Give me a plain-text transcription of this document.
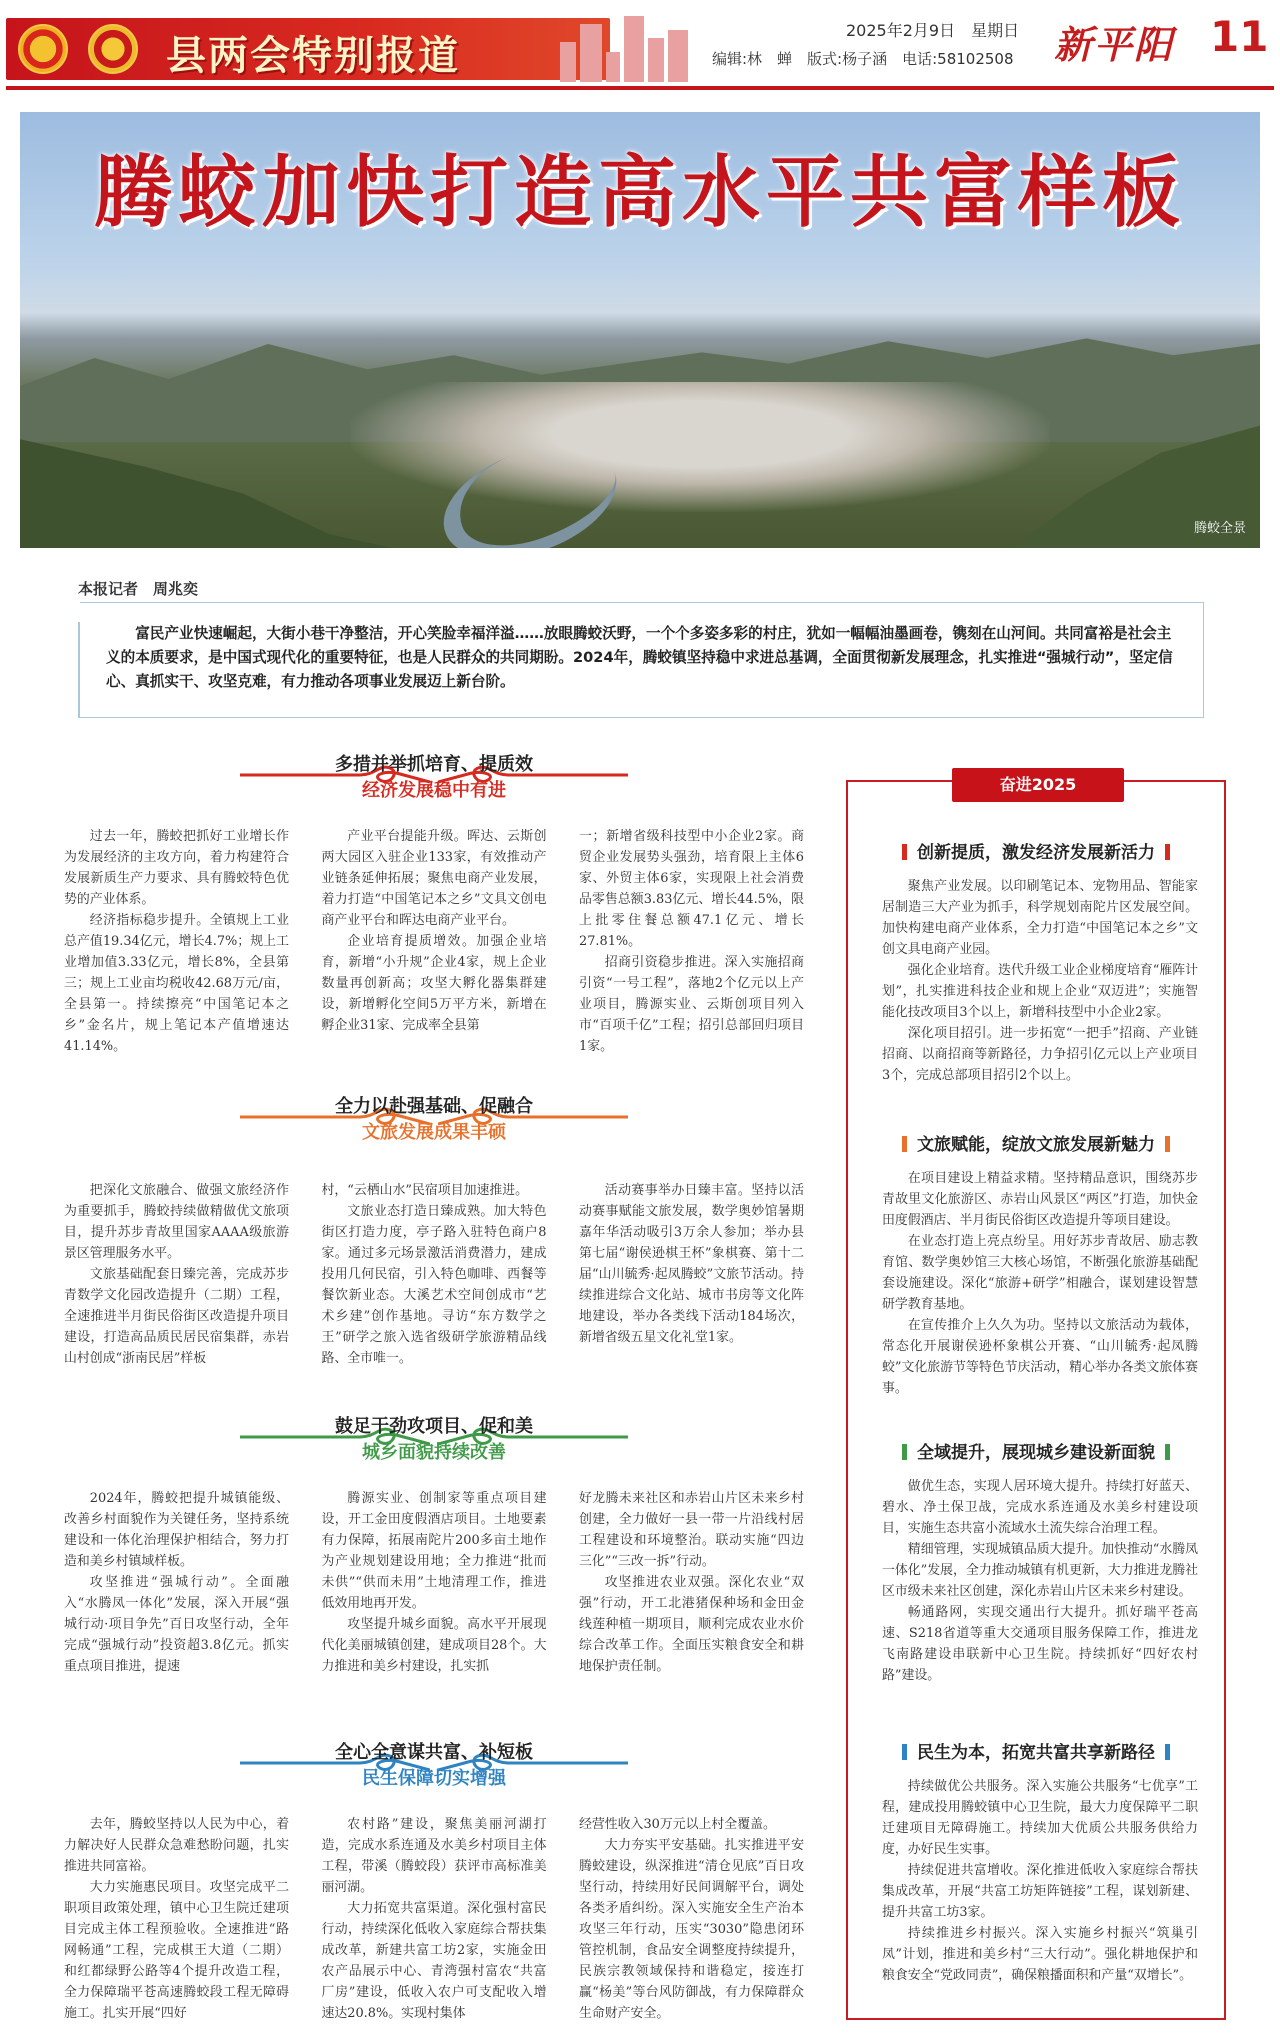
县两会特别报道
2025年2月9日　星期日
编辑:林　蝉　版式:杨子涵　电话:58102508 新平阳 11
腾蛟加快打造高水平共富样板
腾蛟全景
本报记者　周兆奕
富民产业快速崛起，大街小巷干净整洁，开心笑脸幸福洋溢……放眼腾蛟沃野，一个个多姿多彩的村庄，犹如一幅幅油墨画卷，镌刻在山河间。共同富裕是社会主义的本质要求，是中国式现代化的重要特征，也是人民群众的共同期盼。2024年，腾蛟镇坚持稳中求进总基调，全面贯彻新发展理念，扎实推进“强城行动”，坚定信心、真抓实干、攻坚克难，有力推动各项事业发展迈上新台阶。
多措并举抓培育、提质效
经济发展稳中有进

过去一年，腾蛟把抓好工业增长作为发展经济的主攻方向，着力构建符合发展新质生产力要求、具有腾蛟特色优势的产业体系。

经济指标稳步提升。全镇规上工业总产值19.34亿元，增长4.7%；规上工业增加值3.33亿元，增长8%，全县第三；规上工业亩均税收42.68万元/亩，全县第一。持续擦亮“中国笔记本之乡”金名片，规上笔记本产值增速达41.14%。

产业平台提能升级。晖达、云斯创两大园区入驻企业133家，有效推动产业链条延伸拓展；聚焦电商产业发展，着力打造“中国笔记本之乡”文具文创电商产业平台和晖达电商产业平台。

企业培育提质增效。加强企业培育，新增“小升规”企业4家，规上企业数量再创新高；攻坚大孵化器集群建设，新增孵化空间5万平方米，新增在孵企业31家、完成率全县第

一；新增省级科技型中小企业2家。商贸企业发展势头强劲，培育限上主体6家、外贸主体6家，实现限上社会消费品零售总额3.83亿元、增长44.5%，限上批零住餐总额47.1亿元、增长27.81%。

招商引资稳步推进。深入实施招商引资“一号工程”，落地2个亿元以上产业项目，腾源实业、云斯创项目列入市“百项千亿”工程；招引总部回归项目1家。

全力以赴强基础、促融合
文旅发展成果丰硕

把深化文旅融合、做强文旅经济作为重要抓手，腾蛟持续做精做优文旅项目，提升苏步青故里国家AAAA级旅游景区管理服务水平。

文旅基础配套日臻完善，完成苏步青数学文化园改造提升（二期）工程，全速推进半月街民俗街区改造提升项目建设，打造高品质民居民宿集群，赤岩山村创成“浙南民居”样板

村，“云栖山水”民宿项目加速推进。

文旅业态打造日臻成熟。加大特色街区打造力度，亭子路入驻特色商户8家。通过多元场景激活消费潜力，建成投用几何民宿，引入特色咖啡、西餐等餐饮新业态。大溪艺术空间创成市“艺术乡建”创作基地。寻访“东方数学之王”研学之旅入选省级研学旅游精品线路、全市唯一。

活动赛事举办日臻丰富。坚持以活动赛事赋能文旅发展，数学奥妙馆暑期嘉年华活动吸引3万余人参加；举办县第七届“谢侯逊棋王杯”象棋赛、第十二届“山川毓秀·起凤腾蛟”文旅节活动。持续推进综合文化站、城市书房等文化阵地建设，举办各类线下活动184场次，新增省级五星文化礼堂1家。

鼓足干劲攻项目、促和美
城乡面貌持续改善

2024年，腾蛟把提升城镇能级、改善乡村面貌作为关键任务，坚持系统建设和一体化治理保护相结合，努力打造和美乡村镇域样板。

攻坚推进“强城行动”。全面融入“水腾凤一体化”发展，深入开展“强城行动·项目争先”百日攻坚行动，全年完成“强城行动”投资超3.8亿元。抓实重点项目推进，提速

腾源实业、创制家等重点项目建设，开工金田度假酒店项目。土地要素有力保障，拓展南陀片200多亩土地作为产业规划建设用地；全力推进“批而未供”“供而未用”土地清理工作，推进低效用地再开发。

攻坚提升城乡面貌。高水平开展现代化美丽城镇创建，建成项目28个。大力推进和美乡村建设，扎实抓

好龙腾未来社区和赤岩山片区未来乡村创建，全力做好一县一带一片沿线村居工程建设和环境整治。联动实施“四边三化”“三改一拆”行动。

攻坚推进农业双强。深化农业“双强”行动，开工北港猪保种场和金田金线莲种植一期项目，顺利完成农业水价综合改革工作。全面压实粮食安全和耕地保护责任制。

全心全意谋共富、补短板
民生保障切实增强

去年，腾蛟坚持以人民为中心，着力解决好人民群众急难愁盼问题，扎实推进共同富裕。

大力实施惠民项目。攻坚完成平二职项目政策处理，镇中心卫生院迁建项目完成主体工程预验收。全速推进“路网畅通”工程，完成棋王大道（二期）和红都绿野公路等4个提升改造工程，全力保障瑞平苍高速腾蛟段工程无障碍施工。扎实开展“四好

农村路”建设，聚焦美丽河湖打造，完成水系连通及水美乡村项目主体工程，带溪（腾蛟段）获评市高标准美丽河湖。

大力拓宽共富渠道。深化强村富民行动，持续深化低收入家庭综合帮扶集成改革，新建共富工坊2家，实施金田农产品展示中心、青湾强村富农“共富厂房”建设，低收入农户可支配收入增速达20.8%。实现村集体

经营性收入30万元以上村全覆盖。

大力夯实平安基础。扎实推进平安腾蛟建设，纵深推进“清仓见底”百日攻坚行动，持续用好民间调解平台，调处各类矛盾纠纷。深入实施安全生产治本攻坚三年行动，压实“3030”隐患闭环管控机制，食品安全调整度持续提升，民族宗教领域保持和谐稳定，接连打赢“杨美”等台风防御战，有力保障群众生命财产安全。

奋进2025
创新提质，激发经济发展新活力

聚焦产业发展。以印刷笔记本、宠物用品、智能家居制造三大产业为抓手，科学规划南陀片区发展空间。加快构建电商产业体系，全力打造“中国笔记本之乡”文创文具电商产业园。

强化企业培育。迭代升级工业企业梯度培育“雁阵计划”，扎实推进科技企业和规上企业“双迈进”；实施智能化技改项目3个以上，新增科技型中小企业2家。

深化项目招引。进一步拓宽“一把手”招商、产业链招商、以商招商等新路径，力争招引亿元以上产业项目3个，完成总部项目招引2个以上。

文旅赋能，绽放文旅发展新魅力

在项目建设上精益求精。坚持精品意识，围绕苏步青故里文化旅游区、赤岩山风景区“两区”打造，加快金田度假酒店、半月街民俗街区改造提升等项目建设。

在业态打造上亮点纷呈。用好苏步青故居、励志教育馆、数学奥妙馆三大核心场馆，不断强化旅游基础配套设施建设。深化“旅游+研学”相融合，谋划建设智慧研学教育基地。

在宣传推介上久久为功。坚持以文旅活动为载体，常态化开展谢侯逊杯象棋公开赛、“山川毓秀·起凤腾蛟”文化旅游节等特色节庆活动，精心举办各类文旅体赛事。

全域提升，展现城乡建设新面貌

做优生态，实现人居环境大提升。持续打好蓝天、碧水、净土保卫战，完成水系连通及水美乡村建设项目，实施生态共富小流域水土流失综合治理工程。

精细管理，实现城镇品质大提升。加快推动“水腾凤一体化”发展，全力推动城镇有机更新，大力推进龙腾社区市级未来社区创建，深化赤岩山片区未来乡村建设。

畅通路网，实现交通出行大提升。抓好瑞平苍高速、S218省道等重大交通项目服务保障工作，推进龙飞南路建设串联新中心卫生院。持续抓好“四好农村路”建设。

民生为本，拓宽共富共享新路径

持续做优公共服务。深入实施公共服务“七优享”工程，建成投用腾蛟镇中心卫生院，最大力度保障平二职迁建项目无障碍施工。持续加大优质公共服务供给力度，办好民生实事。

持续促进共富增收。深化推进低收入家庭综合帮扶集成改革，开展“共富工坊矩阵链接”工程，谋划新建、提升共富工坊3家。

持续推进乡村振兴。深入实施乡村振兴“筑巢引凤”计划，推进和美乡村“三大行动”。强化耕地保护和粮食安全“党政同责”，确保粮播面积和产量“双增长”。
